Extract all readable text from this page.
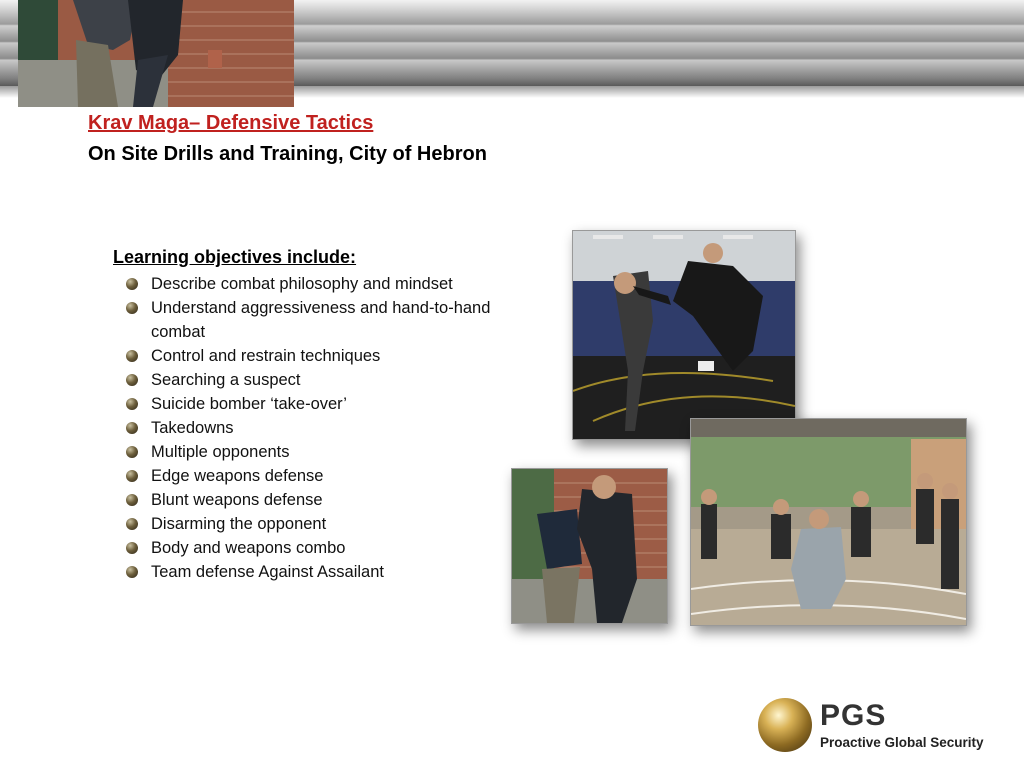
Krav Maga– Defensive Tactics
On Site Drills and Training, City of Hebron
Learning objectives include:
Describe combat philosophy and mindset
Understand aggressiveness and hand-to-hand combat
Control and restrain techniques
Searching a suspect
Suicide bomber ‘take-over’
Takedowns
Multiple opponents
Edge weapons defense
Blunt weapons defense
Disarming the opponent
Body and weapons combo
Team defense Against Assailant
PGS
Proactive Global Security
